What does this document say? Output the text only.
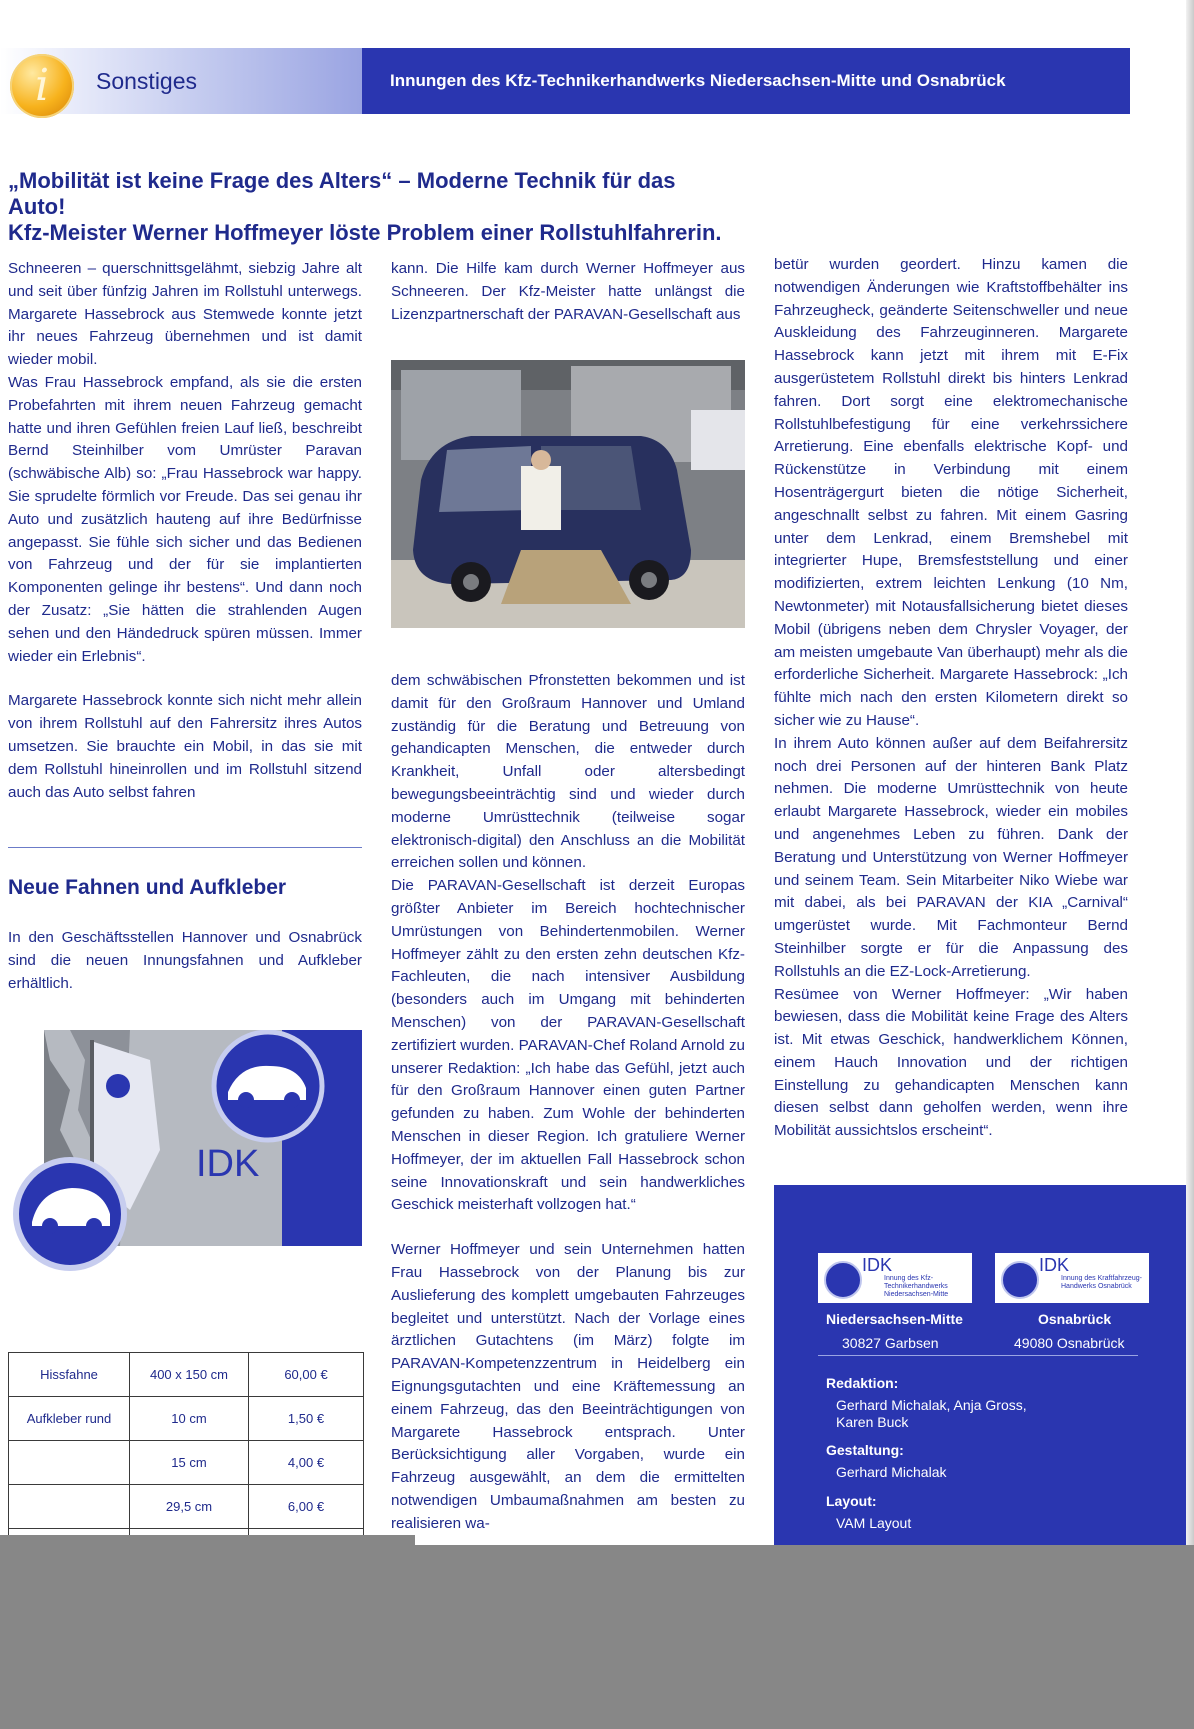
i	Sonstiges	Innungen des Kfz-Technikerhandwerks Niedersachsen-Mitte und Osnabrück
„Mobilität ist keine Frage des Alters“ – Moderne Technik für das Auto!
Kfz-Meister Werner Hoffmeyer löste Problem einer Rollstuhlfahrerin.

Schneeren – querschnittsgelähmt, siebzig Jahre alt und seit über fünfzig Jahren im Rollstuhl unterwegs. Margarete Hassebrock aus Stemwede konnte jetzt ihr neues Fahrzeug übernehmen und ist damit wieder mobil.

Was Frau Hassebrock empfand, als sie die ersten Probefahrten mit ihrem neuen Fahrzeug gemacht hatte und ihren Gefühlen freien Lauf ließ, beschreibt Bernd Steinhilber vom Umrüster Paravan (schwäbische Alb) so: „Frau Hassebrock war happy. Sie sprudelte förmlich vor Freude. Das sei genau ihr Auto und zusätzlich hauteng auf ihre Bedürfnisse angepasst. Sie fühle sich sicher und das Bedienen von Fahrzeug und der für sie implantierten Komponenten gelinge ihr bestens“. Und dann noch der Zusatz: „Sie hätten die strahlenden Augen sehen und den Händedruck spüren müssen. Immer wieder ein Erlebnis“.

Margarete Hassebrock konnte sich nicht mehr allein von ihrem Rollstuhl auf den Fahrersitz ihres Autos umsetzen. Sie brauchte ein Mobil, in das sie mit dem Rollstuhl hineinrollen und im Rollstuhl sitzend auch das Auto selbst fahren

Neue Fahnen und Aufkleber
In den Geschäftsstellen Hannover und Osnabrück sind die neuen Innungsfahnen und Aufkleber erhältlich.
IDK
Hissfahne	400 x 150 cm	60,00 €
Aufkleber rund	10 cm	1,50 €
	15 cm	4,00 €
	29,5 cm	6,00 €

kann. Die Hilfe kam durch Werner Hoffmeyer aus Schneeren. Der Kfz-Meister hatte unlängst die Lizenzpartnerschaft der PARAVAN-Gesellschaft aus

dem schwäbischen Pfronstetten bekommen und ist damit für den Großraum Hannover und Umland zuständig für die Beratung und Betreuung von gehandicapten Menschen, die entweder durch Krankheit, Unfall oder altersbedingt bewegungsbeeinträchtig sind und wieder durch moderne Umrüsttechnik (teilweise sogar elektronisch-digital) den Anschluss an die Mobilität erreichen sollen und können.

Die PARAVAN-Gesellschaft ist derzeit Europas größter Anbieter im Bereich hochtechnischer Umrüstungen von Behindertenmobilen. Werner Hoffmeyer zählt zu den ersten zehn deutschen Kfz-Fachleuten, die nach intensiver Ausbildung (besonders auch im Umgang mit behinderten Menschen) von der PARAVAN-Gesellschaft zertifiziert wurden. PARAVAN-Chef Roland Arnold zu unserer Redaktion: „Ich habe das Gefühl, jetzt auch für den Großraum Hannover einen guten Partner gefunden zu haben. Zum Wohle der behinderten Menschen in dieser Region. Ich gratuliere Werner Hoffmeyer, der im aktuellen Fall Hassebrock schon seine Innovationskraft und sein handwerkliches Geschick meisterhaft vollzogen hat.“

Werner Hoffmeyer und sein Unternehmen hatten Frau Hassebrock von der Planung bis zur Auslieferung des komplett umgebauten Fahrzeuges begleitet und unterstützt. Nach der Vorlage eines ärztlichen Gutachtens (im März) folgte im PARAVAN-Kompetenzzentrum in Heidelberg ein Eignungsgutachten und eine Kräftemessung an einem Fahrzeug, das den Beeinträchtigungen von Margarete Hassebrock entsprach. Unter Berücksichtigung aller Vorgaben, wurde ein Fahrzeug ausgewählt, an dem die ermittelten notwendigen Umbaumaßnahmen am besten zu realisieren wa-

betür wurden geordert. Hinzu kamen die notwendigen Änderungen wie Kraftstoffbehälter ins Fahrzeugheck, geänderte Seitenschweller und neue Auskleidung des Fahrzeuginneren. Margarete Hassebrock kann jetzt mit ihrem mit E-Fix ausgerüstetem Rollstuhl direkt bis hinters Lenkrad fahren. Dort sorgt eine elektromechanische Rollstuhlbefestigung für eine verkehrssichere Arretierung. Eine ebenfalls elektrische Kopf- und Rückenstütze in Verbindung mit einem Hosenträgergurt bieten die nötige Sicherheit, angeschnallt selbst zu fahren. Mit einem Gasring unter dem Lenkrad, einem Bremshebel mit integrierter Hupe, Bremsfeststellung und einer modifizierten, extrem leichten Lenkung (10 Nm, Newtonmeter) mit Notausfallsicherung bietet dieses Mobil (übrigens neben dem Chrysler Voyager, der am meisten umgebaute Van überhaupt) mehr als die erforderliche Sicherheit. Margarete Hassebrock: „Ich fühlte mich nach den ersten Kilometern direkt so sicher wie zu Hause“.

In ihrem Auto können außer auf dem Beifahrersitz noch drei Personen auf der hinteren Bank Platz nehmen. Die moderne Umrüsttechnik von heute erlaubt Margarete Hassebrock, wieder ein mobiles und angenehmes Leben zu führen. Dank der Beratung und Unterstützung von Werner Hoffmeyer und seinem Team. Sein Mitarbeiter Niko Wiebe war mit dabei, als bei PARAVAN der KIA „Carnival“ umgerüstet wurde. Mit Fachmonteur Bernd Steinhilber sorgte er für die Anpassung des Rollstuhls an die EZ-Lock-Arretierung.

Resümee von Werner Hoffmeyer: „Wir haben bewiesen, dass die Mobilität keine Frage des Alters ist. Mit etwas Geschick, handwerklichem Können, einem Hauch Innovation und der richtigen Einstellung zu gehandicapten Menschen kann diesen selbst dann geholfen werden, wenn ihre Mobilität aussichtslos erscheint“.

IDK
Innung des Kfz-Technikerhandwerks Niedersachsen-Mitte
IDK
Innung des Kraftfahrzeug-Handwerks Osnabrück
Niedersachsen-Mitte
30827 Garbsen
Osnabrück
49080 Osnabrück
Redaktion:
Gerhard Michalak, Anja Gross, Karen Buck
Gestaltung:
Gerhard Michalak
Layout:
VAM Layout
